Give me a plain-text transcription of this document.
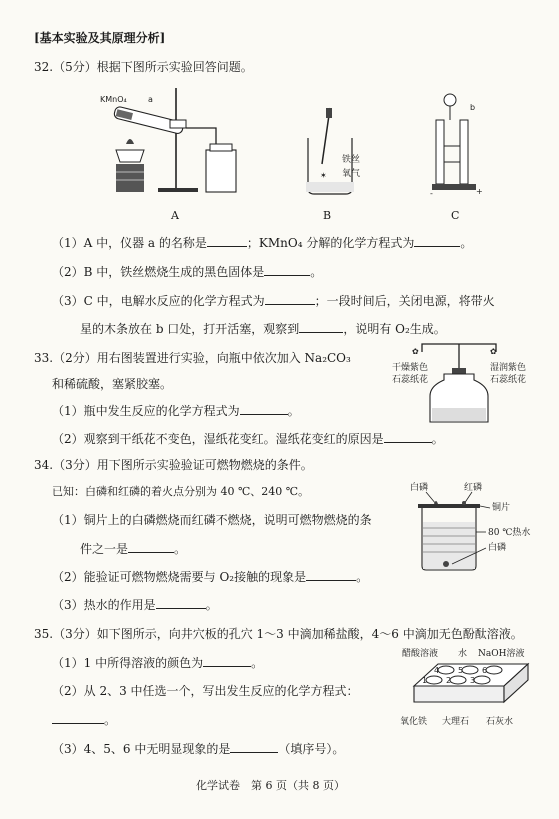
[基本实验及其原理分析]
32.（5分）根据下图所示实验回答问题。
KMnO₄	a
A
✶
铁丝
氧气
B
b
-	+
C
（1）A 中，仪器 a 的名称是	；KMnO₄ 分解的化学方程式为	。
（2）B 中，铁丝燃烧生成的黑色固体是	。
（3）C 中，电解水反应的化学方程式为	；一段时间后，关闭电源，将带火
星的木条放在 b 口处，打开活塞，观察到	，说明有 O₂生成。
33.（2分）用右图装置进行实验，向瓶中依次加入 Na₂CO₃
和稀硫酸，塞紧胶塞。
（1）瓶中发生反应的化学方程式为	。
（2）观察到干纸花不变色，湿纸花变红。湿纸花变红的原因是	。
✿	✿
干燥紫色
石蕊纸花
湿润紫色
石蕊纸花
34.（3分）用下图所示实验验证可燃物燃烧的条件。
已知：白磷和红磷的着火点分别为 40 ℃、240 ℃。
（1）铜片上的白磷燃烧而红磷不燃烧，说明可燃物燃烧的条
件之一是	。
（2）能验证可燃物燃烧需要与 O₂接触的现象是	。
（3）热水的作用是	。
白磷	红磷
铜片
80 ℃热水
白磷
35.（3分）如下图所示，向井穴板的孔穴 1～3 中滴加稀盐酸，4～6 中滴加无色酚酞溶液。
（1）1 中所得溶液的颜色为	。
（2）从 2、3 中任选一个，写出发生反应的化学方程式：
。
（3）4、5、6 中无明显现象的是	（填序号）。
醋酸溶液 水 NaOH溶液
4 5 6
1 2 3
氧化铁 大理石 石灰水
化学试卷　第 6 页（共 8 页）
